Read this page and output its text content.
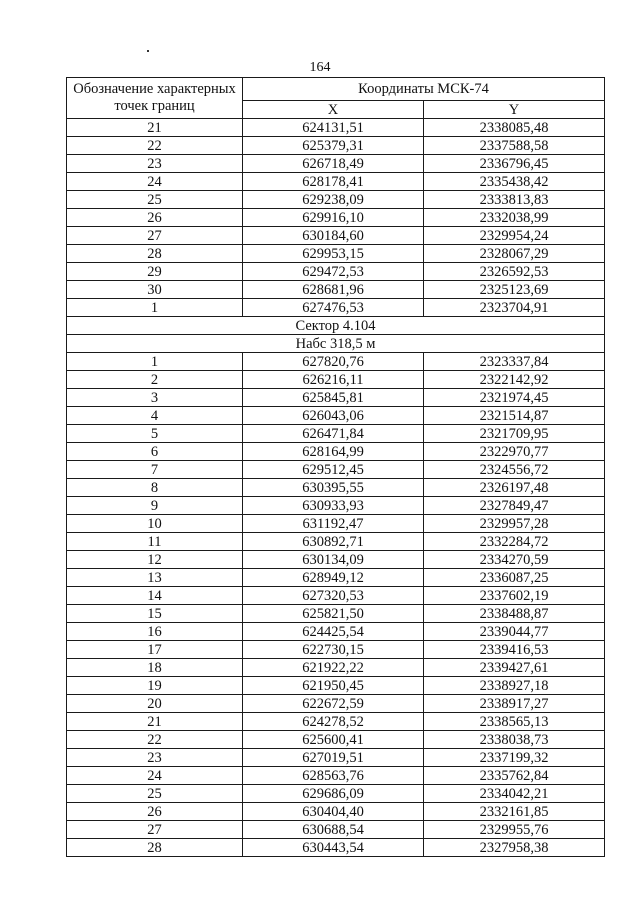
164
Обозначение характерных точек границ	Координаты МСК-74	
	X	Y
21	624131,51	2338085,48
22	625379,31	2337588,58
23	626718,49	2336796,45
24	628178,41	2335438,42
25	629238,09	2333813,83
26	629916,10	2332038,99
27	630184,60	2329954,24
28	629953,15	2328067,29
29	629472,53	2326592,53
30	628681,96	2325123,69
1	627476,53	2323704,91
Сектор 4.104		
Набс 318,5 м		
1	627820,76	2323337,84
2	626216,11	2322142,92
3	625845,81	2321974,45
4	626043,06	2321514,87
5	626471,84	2321709,95
6	628164,99	2322970,77
7	629512,45	2324556,72
8	630395,55	2326197,48
9	630933,93	2327849,47
10	631192,47	2329957,28
11	630892,71	2332284,72
12	630134,09	2334270,59
13	628949,12	2336087,25
14	627320,53	2337602,19
15	625821,50	2338488,87
16	624425,54	2339044,77
17	622730,15	2339416,53
18	621922,22	2339427,61
19	621950,45	2338927,18
20	622672,59	2338917,27
21	624278,52	2338565,13
22	625600,41	2338038,73
23	627019,51	2337199,32
24	628563,76	2335762,84
25	629686,09	2334042,21
26	630404,40	2332161,85
27	630688,54	2329955,76
28	630443,54	2327958,38
